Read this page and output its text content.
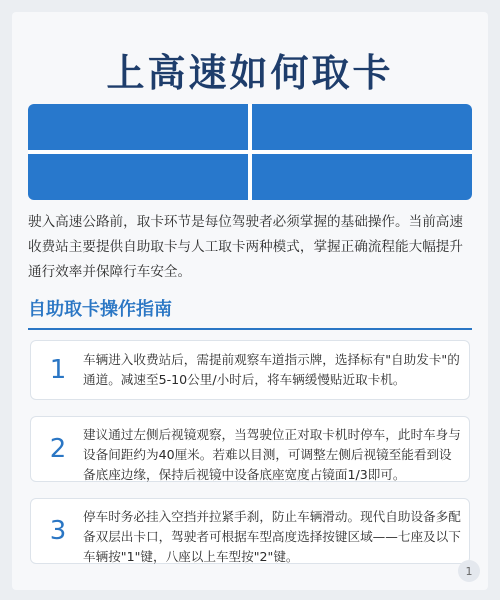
上高速如何取卡
驶入高速公路前，取卡环节是每位驾驶者必须掌握的基础操作。当前高速收费站主要提供自助取卡与人工取卡两种模式，掌握正确流程能大幅提升通行效率并保障行车安全。
自助取卡操作指南
1	车辆进入收费站后，需提前观察车道指示牌，选择标有"自助发卡"的通道。减速至5-10公里/小时后，将车辆缓慢贴近取卡机。
2	建议通过左侧后视镜观察，当驾驶位正对取卡机时停车，此时车身与设备间距约为40厘米。若难以目测，可调整左侧后视镜至能看到设备底座边缘，保持后视镜中设备底座宽度占镜面1/3即可。
3	停车时务必挂入空挡并拉紧手刹，防止车辆滑动。现代自助设备多配备双层出卡口，驾驶者可根据车型高度选择按键区域——七座及以下车辆按"1"键，八座以上车型按"2"键。
1
